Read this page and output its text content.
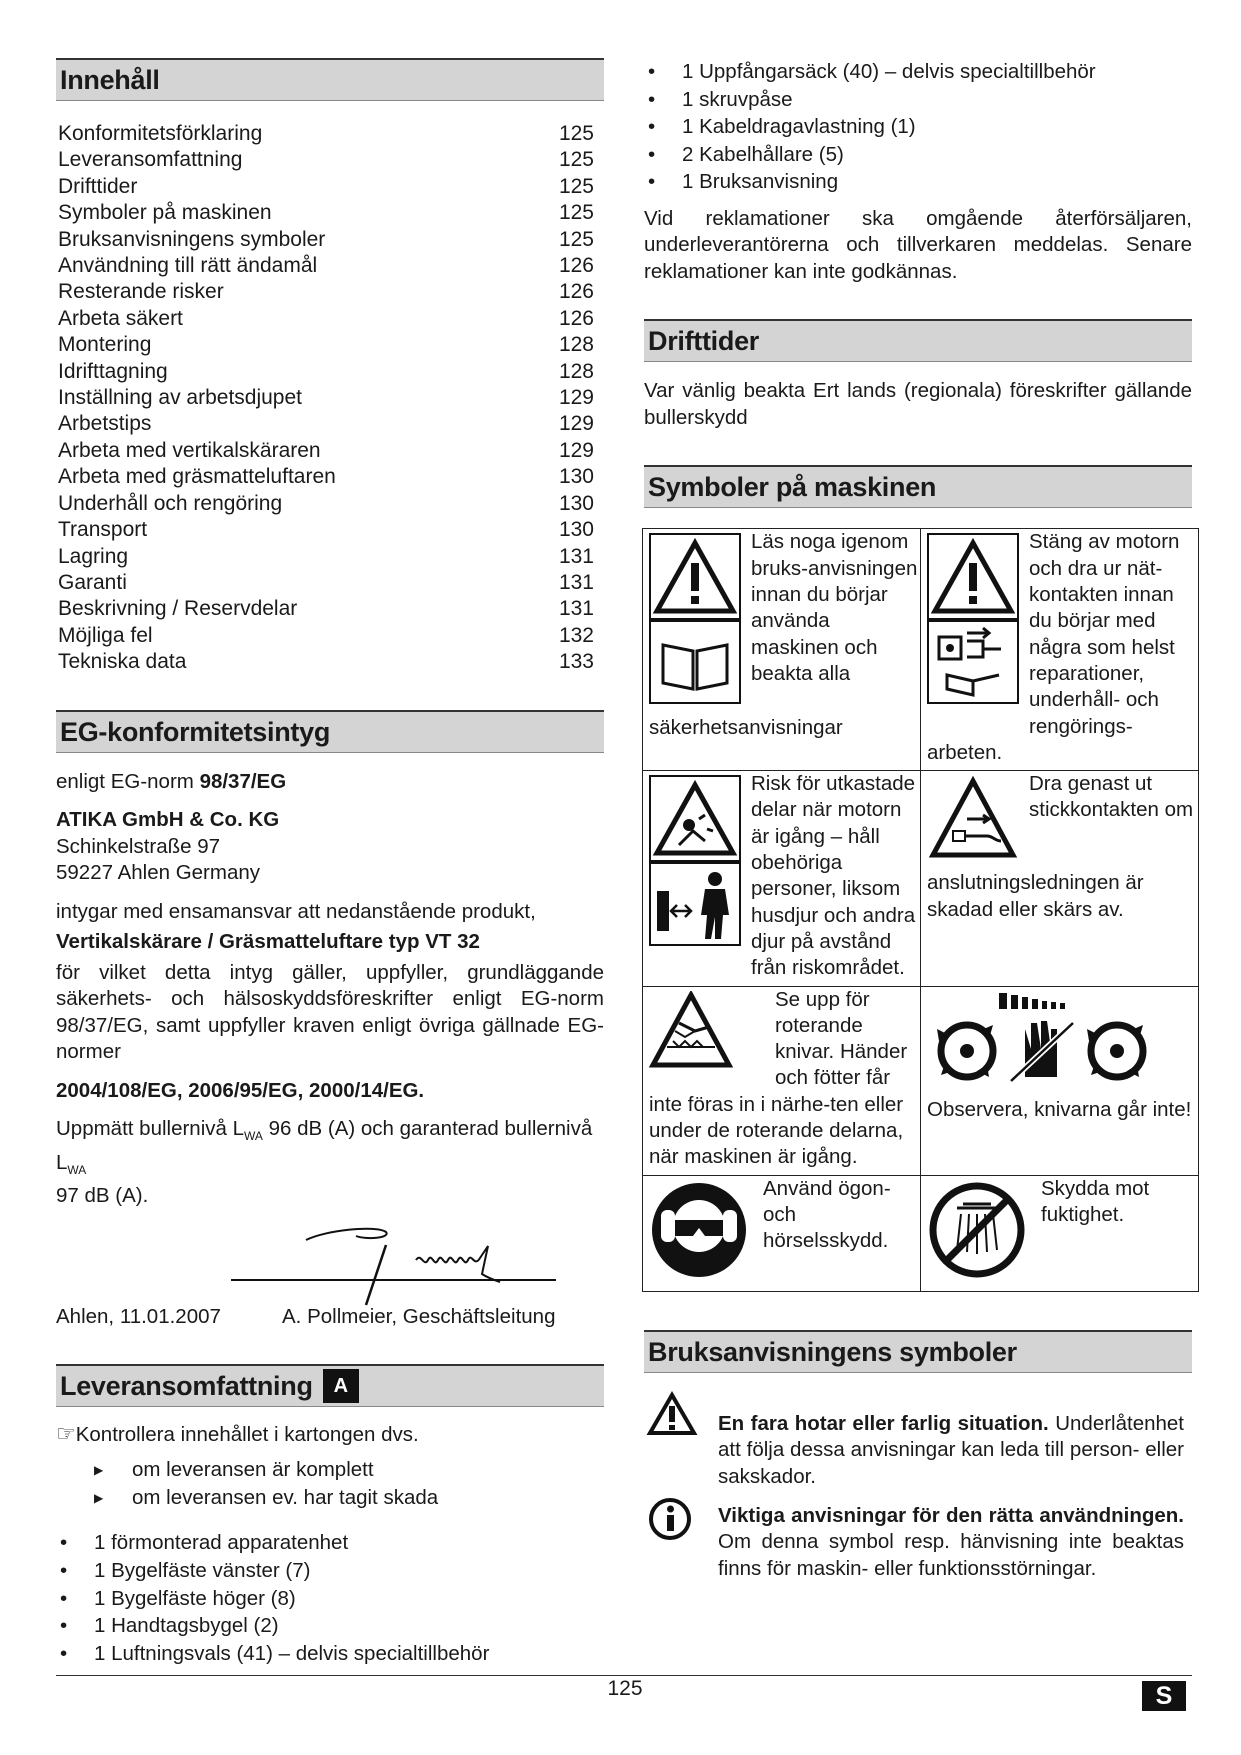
Innehåll
Konformitetsförklaring	125
Leveransomfattning	125
Drifttider	125
Symboler på maskinen	125
Bruksanvisningens symboler	125
Användning till rätt ändamål	126
Resterande risker	126
Arbeta säkert	126
Montering	128
Idrifttagning	128
Inställning av arbetsdjupet	129
Arbetstips	129
Arbeta med vertikalskäraren	129
Arbeta med gräsmatteluftaren	130
Underhåll och rengöring	130
Transport	130
Lagring	131
Garanti	131
Beskrivning / Reservdelar	131
Möjliga fel	132
Tekniska data	133
EG-konformitetsintyg

enligt EG-norm 98/37/EG

ATIKA GmbH & Co. KG

Schinkelstraße 97

59227 Ahlen Germany

intygar med ensamansvar att nedanstående produkt,

Vertikalskärare / Gräsmatteluftare typ VT 32

för vilket detta intyg gäller, uppfyller, grundläggande säkerhets- och hälsoskyddsföreskrifter enligt EG-norm 98/37/EG, samt uppfyller kraven enligt övriga gällnade EG-normer

2004/108/EG, 2006/95/EG, 2000/14/EG.

Uppmätt bullernivå $L_{WA}$ 96 dB (A) och garanterad bullernivå $L_{WA}$
97 dB (A).

Ahlen, 11.01.2007	A. Pollmeier, Geschäftsleitung
Leveransomfattning A

☞Kontrollera innehållet i kartongen dvs.

▶ om leveransen är komplett
▶ om leveransen ev. har tagit skada
• 1 förmonterad apparatenhet
• 1 Bygelfäste vänster (7)
• 1 Bygelfäste höger (8)
• 1 Handtagsbygel (2)
• 1 Luftningsvals (41) – delvis specialtillbehör
• 1 Uppfångarsäck (40) – delvis specialtillbehör
• 1 skruvpåse
• 1 Kabeldragavlastning (1)
• 2 Kabelhållare (5)
• 1 Bruksanvisning

Vid reklamationer ska omgående återförsäljaren, underleverantörerna och tillverkaren meddelas. Senare reklamationer kan inte godkännas.

Drifttider

Var vänlig beakta Ert lands (regionala) föreskrifter gällande bullerskydd

Symboler på maskinen
Läs noga igenom bruks-anvisningen innan du börjar använda maskinen och beakta alla säkerhetsanvisningar	Stäng av motorn och dra ur nät-kontakten innan du börjar med några som helst reparationer, underhåll- och rengörings-arbeten.

Risk för utkastade delar när motorn är igång – håll obehöriga personer, liksom husdjur och andra djur på avstånd från riskområdet.	Dra genast ut stickkontakten om anslutningsledningen är skadad eller skärs av.

Se upp för roterande knivar. Händer och fötter får inte föras in i närhe-ten eller under de roterande delarna, när maskinen är igång.	Observera, knivarna går inte!

Använd ögon- och hörselsskydd.	Skydda mot fuktighet.
Bruksanvisningens symboler

En fara hotar eller farlig situation. Underlåtenhet att följa dessa anvisningar kan leda till person- eller sakskador.

Viktiga anvisningar för den rätta användningen. Om denna symbol resp. hänvisning inte beaktas finns för maskin- eller funktionsstörningar.

125	S
